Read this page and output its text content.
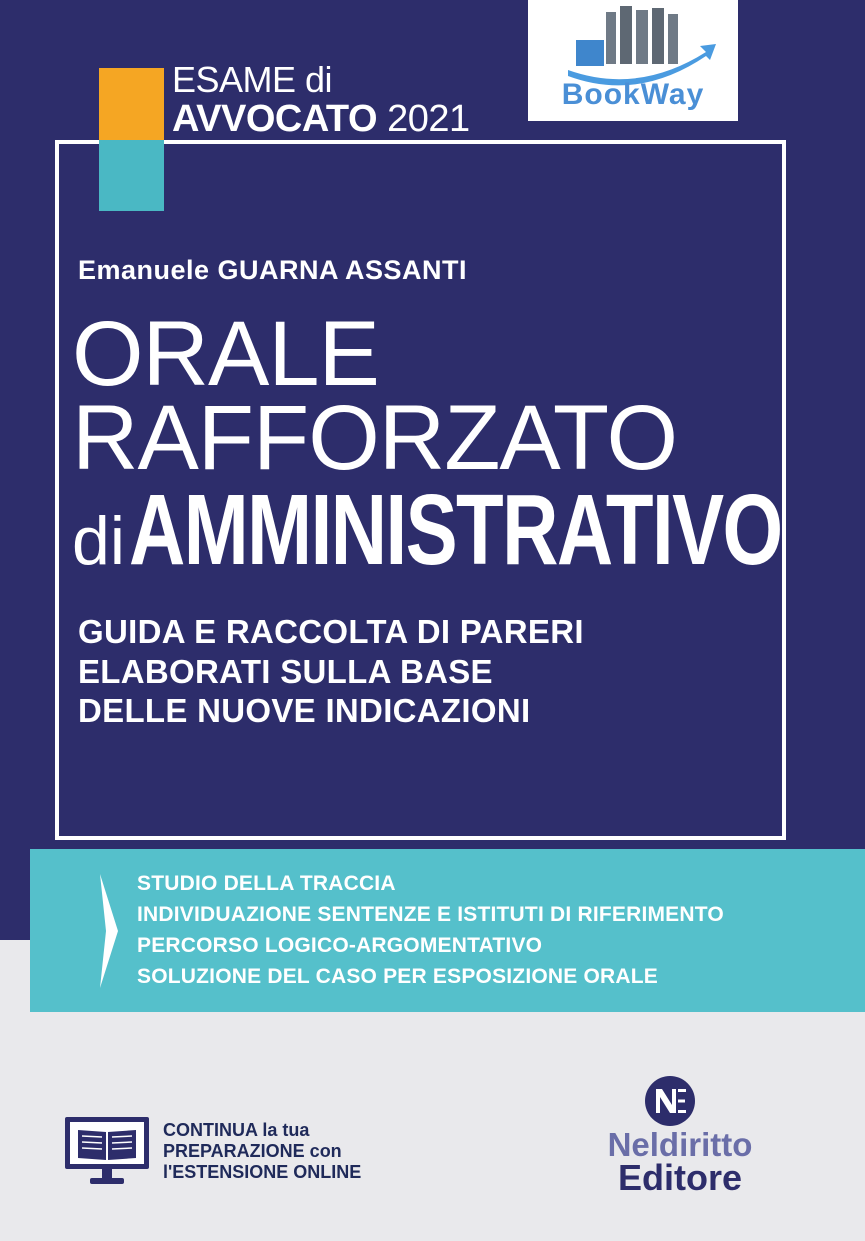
ESAME di
AVVOCATO 2021
BookWay
Emanuele GUARNA ASSANTI
ORALE
RAFFORZATO
diAMMINISTRATIVO
GUIDA E RACCOLTA DI PARERI
ELABORATI SULLA BASE
DELLE NUOVE INDICAZIONI
STUDIO DELLA TRACCIA
INDIVIDUAZIONE SENTENZE E ISTITUTI DI RIFERIMENTO
PERCORSO LOGICO-ARGOMENTATIVO
SOLUZIONE DEL CASO PER ESPOSIZIONE ORALE
CONTINUA la tua
PREPARAZIONE con
l'ESTENSIONE ONLINE
Neldiritto
Editore
